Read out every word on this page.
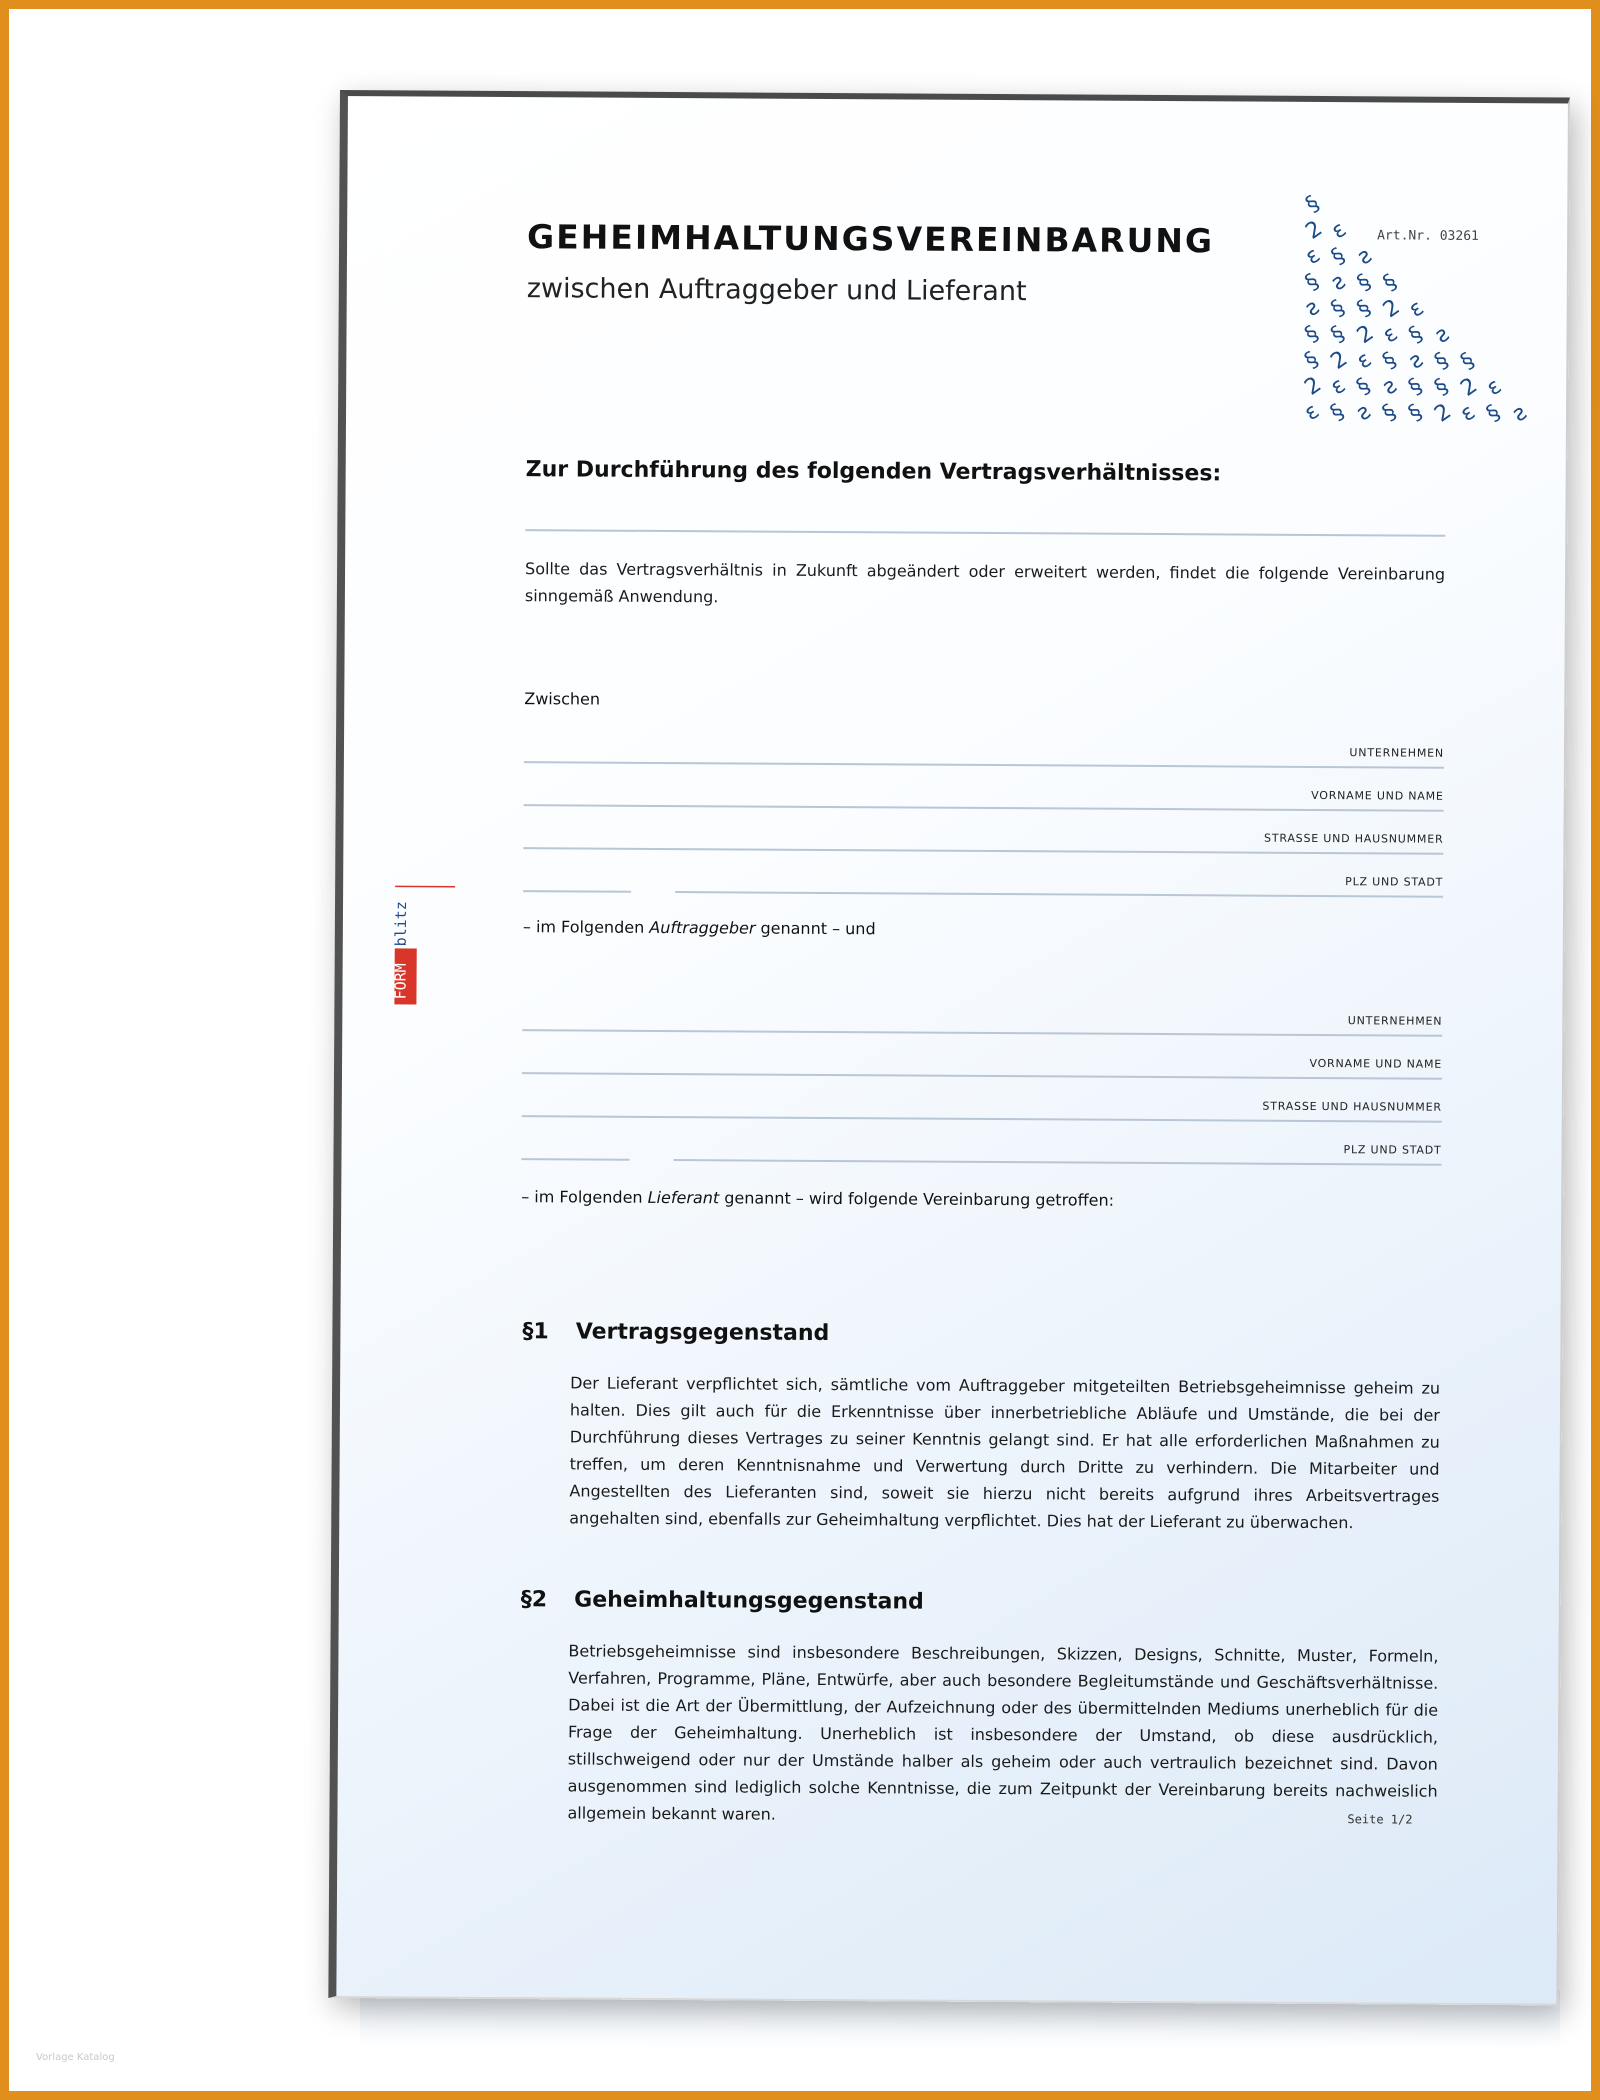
GEHEIMHALTUNGSVEREINBARUNG
zwischen Auftraggeber und Lieferant
Art.Nr. 03261
§
2 ε
ε § ƨ
§ ƨ § §
ƨ § § 2 ε
§ § 2 ε § ƨ
§ 2 ε § ƨ § §
2 ε § ƨ § § 2 ε
ε § ƨ § § 2 ε § ƨ
Zur Durchführung des folgenden Vertragsverhältnisses:
Sollte das Vertragsverhältnis in Zukunft abgeändert oder erweitert werden, findet die folgende Vereinbarung sinngemäß Anwendung.
Zwischen
UNTERNEHMEN
VORNAME UND NAME
STRASSE UND HAUSNUMMER
PLZ UND STADT
– im Folgenden Auftraggeber genannt – und
UNTERNEHMEN
VORNAME UND NAME
STRASSE UND HAUSNUMMER
PLZ UND STADT
– im Folgenden Lieferant genannt – wird folgende Vereinbarung getroffen:
FORM
blitz
§1 Vertragsgegenstand
Der Lieferant verpflichtet sich, sämtliche vom Auftraggeber mitgeteilten Betriebsgeheimnisse geheim zu halten. Dies gilt auch für die Erkenntnisse über innerbetriebliche Abläufe und Umstände, die bei der Durchführung dieses Vertrages zu seiner Kenntnis gelangt sind. Er hat alle erforderlichen Maßnahmen zu treffen, um deren Kenntnisnahme und Verwertung durch Dritte zu verhindern. Die Mitarbeiter und Angestellten des Lieferanten sind, soweit sie hierzu nicht bereits aufgrund ihres Arbeitsvertrages angehalten sind, ebenfalls zur Geheimhaltung verpflichtet. Dies hat der Lieferant zu überwachen.
§2 Geheimhaltungsgegenstand
Betriebsgeheimnisse sind insbesondere Beschreibungen, Skizzen, Designs, Schnitte, Muster, Formeln, Verfahren, Programme, Pläne, Entwürfe, aber auch besondere Begleitumstände und Geschäftsverhältnisse. Dabei ist die Art der Übermittlung, der Aufzeichnung oder des übermittelnden Mediums unerheblich für die Frage der Geheimhaltung. Unerheblich ist insbesondere der Umstand, ob diese ausdrücklich, stillschweigend oder nur der Umstände halber als geheim oder auch vertraulich bezeichnet sind. Davon ausgenommen sind lediglich solche Kenntnisse, die zum Zeitpunkt der Vereinbarung bereits nachweislich allgemein bekannt waren.	Seite 1/2
Vorlage Katalog
